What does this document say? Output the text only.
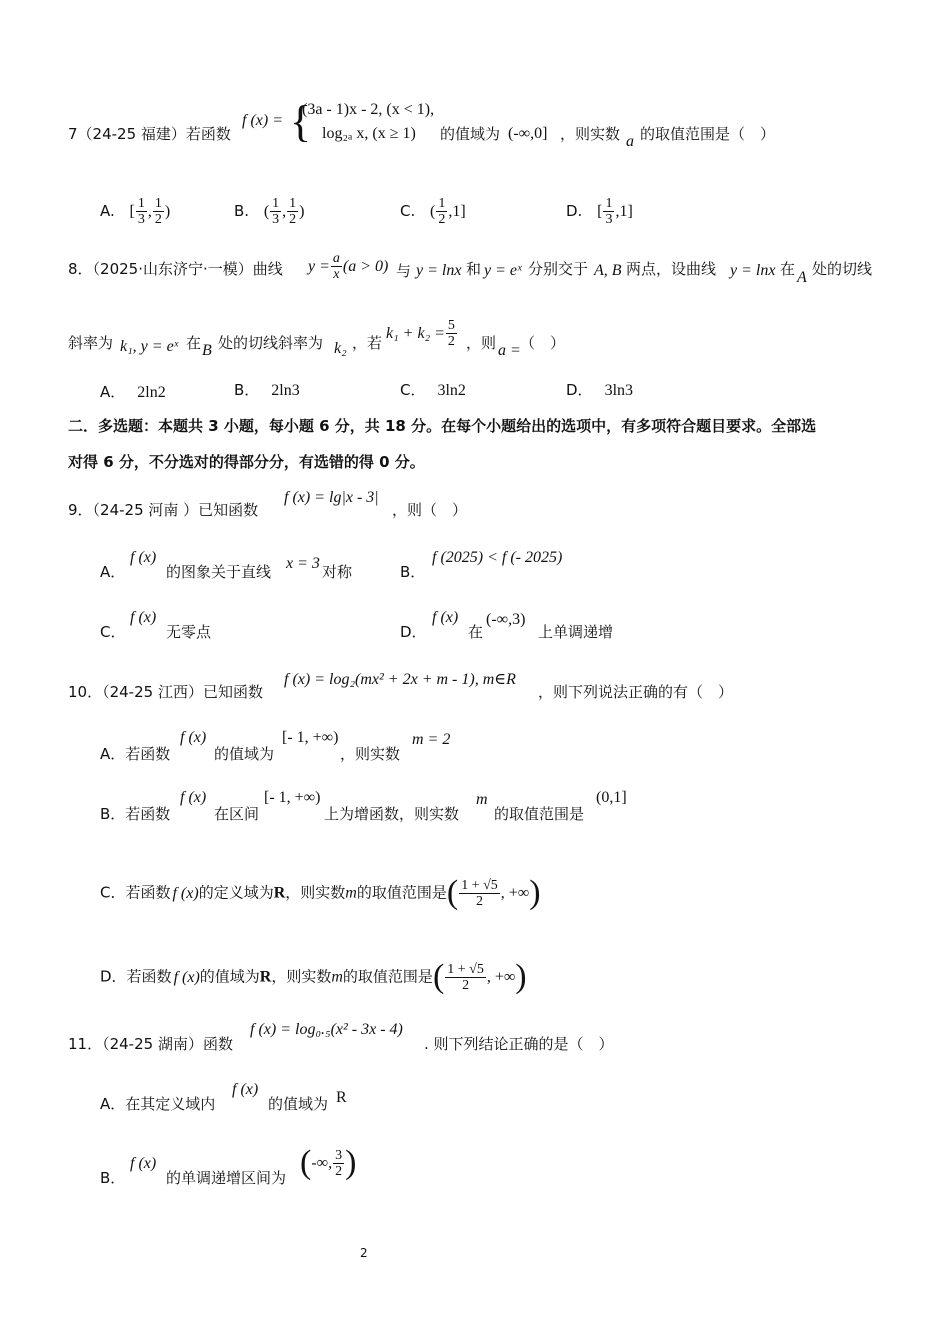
7（24-25 福建）若函数
f (x) = {
(3a - 1)x - 2, (x < 1),
log₂ₐ x, (x ≥ 1) 的值域为 (-∞,0] ，则实数 a 的取值范围是（　）
A. [ $\frac{1}{3}$ , $\frac{1}{2}$ )	B. ( $\frac{1}{3}$ , $\frac{1}{2}$ )	C. ( $\frac{1}{2} ,1$]	D. [ $\frac{1}{3} ,1$]
8．（2025·山东济宁·一模）曲线 $y = \frac{a}{x} (a > 0)$ 与 y = lnx 和 y = eˣ 分别交于 A, B 两点，设曲线 y = lnx 在 A 处的切线
斜率为 k₁, y = eˣ 在 B 处的切线斜率为 k₂ ，若
$k_1 + k_2 = \frac{5}{2}$ ，则 a = （　）
A． 2ln2	B． 2ln3	C． 3ln2	D． 3ln3
二．多选题：本题共 3 小题，每小题 6 分，共 18 分。在每个小题给出的选项中，有多项符合题目要求。全部选
对得 6 分，不分选对的得部分分，有选错的得 0 分。
9．（24-25 河南 ）已知函数
f (x) = lg|x - 3|
，则（　）
A．
f (x)
的图象关于直线 x = 3 对称	B．
f (2025) < f (- 2025)
C．
f (x)
无零点	D．
f (x)
在
(-∞,3)
上单调递增
10．（24-25 江西）已知函数
f (x) = log₂(mx² + 2x + m - 1), m∈R
，则下列说法正确的有（　）
A．若函数
f (x)
的值域为
[- 1, +∞)
，则实数
m = 2
B．若函数
f (x)
在区间
[- 1, +∞)
上为增函数，则实数
m
的取值范围是
(0,1]
C．若函数 f (x)的定义域为R，则实数m的取值范围是( $\frac{1 + √5}{2}$ , +∞)
D．若函数 f (x)的值域为R，则实数m的取值范围是( $\frac{1 + √5}{2}$ , +∞)
11．（24-25 湖南）函数
f (x) = log₀.₅(x² - 3x - 4)
. 则下列结论正确的是（　）
A．在其定义域内
f (x)
的值域为 R
B．
f (x)
的单调递增区间为 (-∞, $\frac{3}{2}$ )
2
